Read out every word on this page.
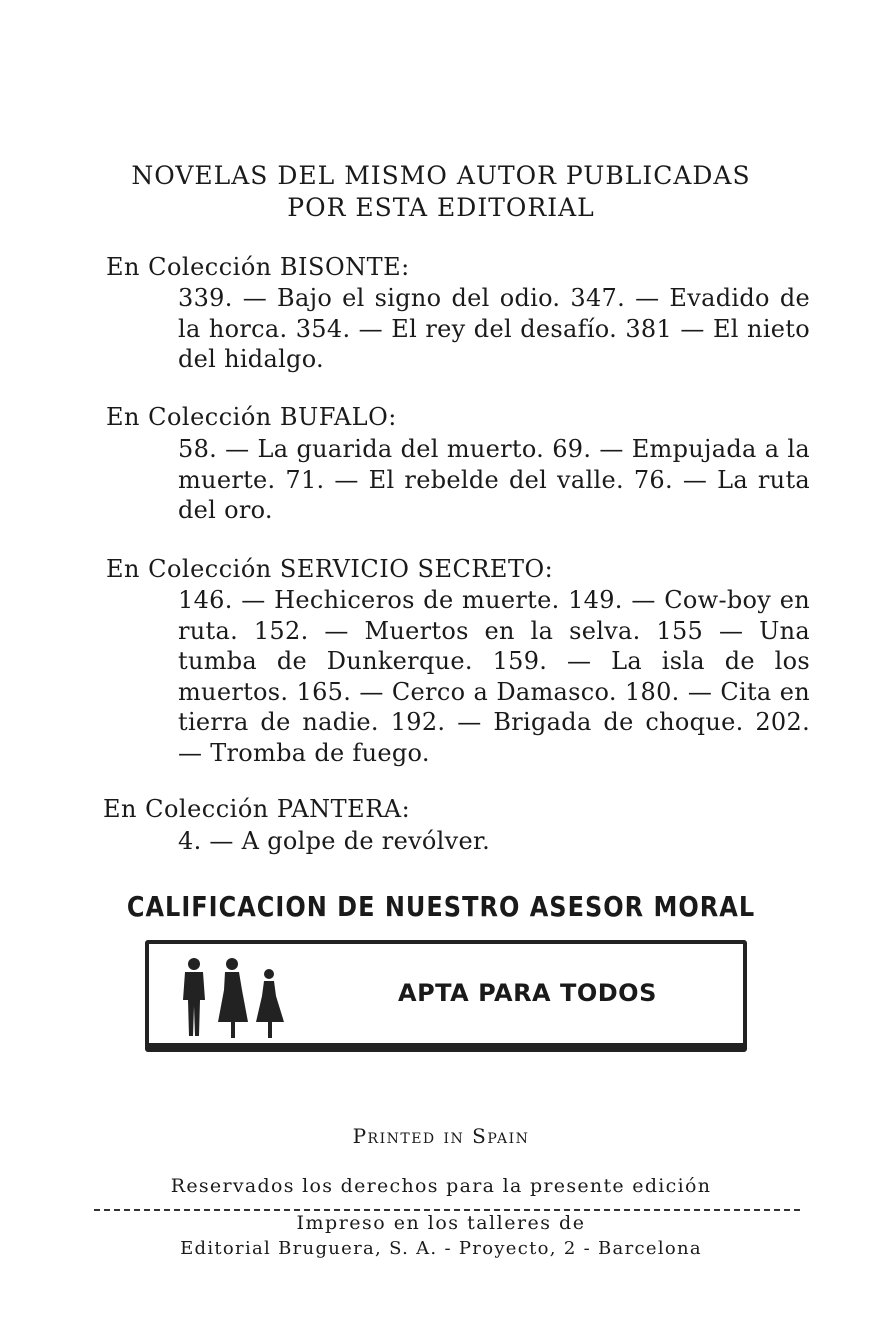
NOVELAS DEL MISMO AUTOR PUBLICADAS
POR ESTA EDITORIAL
En Colección BISONTE:
339. — Bajo el signo del odio. 347. — Evadido de la horca. 354. — El rey del desafío. 381 — El nieto del hidalgo.
En Colección BUFALO:
58. — La guarida del muerto. 69. — Empujada a la muerte. 71. — El rebelde del valle. 76. — La ruta del oro.
En Colección SERVICIO SECRETO:
146. — Hechiceros de muerte. 149. — Cow-boy en ruta. 152. — Muertos en la selva. 155 — Una tumba de Dunkerque. 159. — La isla de los muertos. 165. — Cerco a Damasco. 180. — Cita en tierra de nadie. 192. — Brigada de choque. 202. — Tromba de fuego.
En Colección PANTERA:
4. — A golpe de revólver.
CALIFICACION DE NUESTRO ASESOR MORAL
APTA PARA TODOS
Printed in Spain
Reservados los derechos para la presente edición
Impreso en los talleres de
Editorial Bruguera, S. A. - Proyecto, 2 - Barcelona
